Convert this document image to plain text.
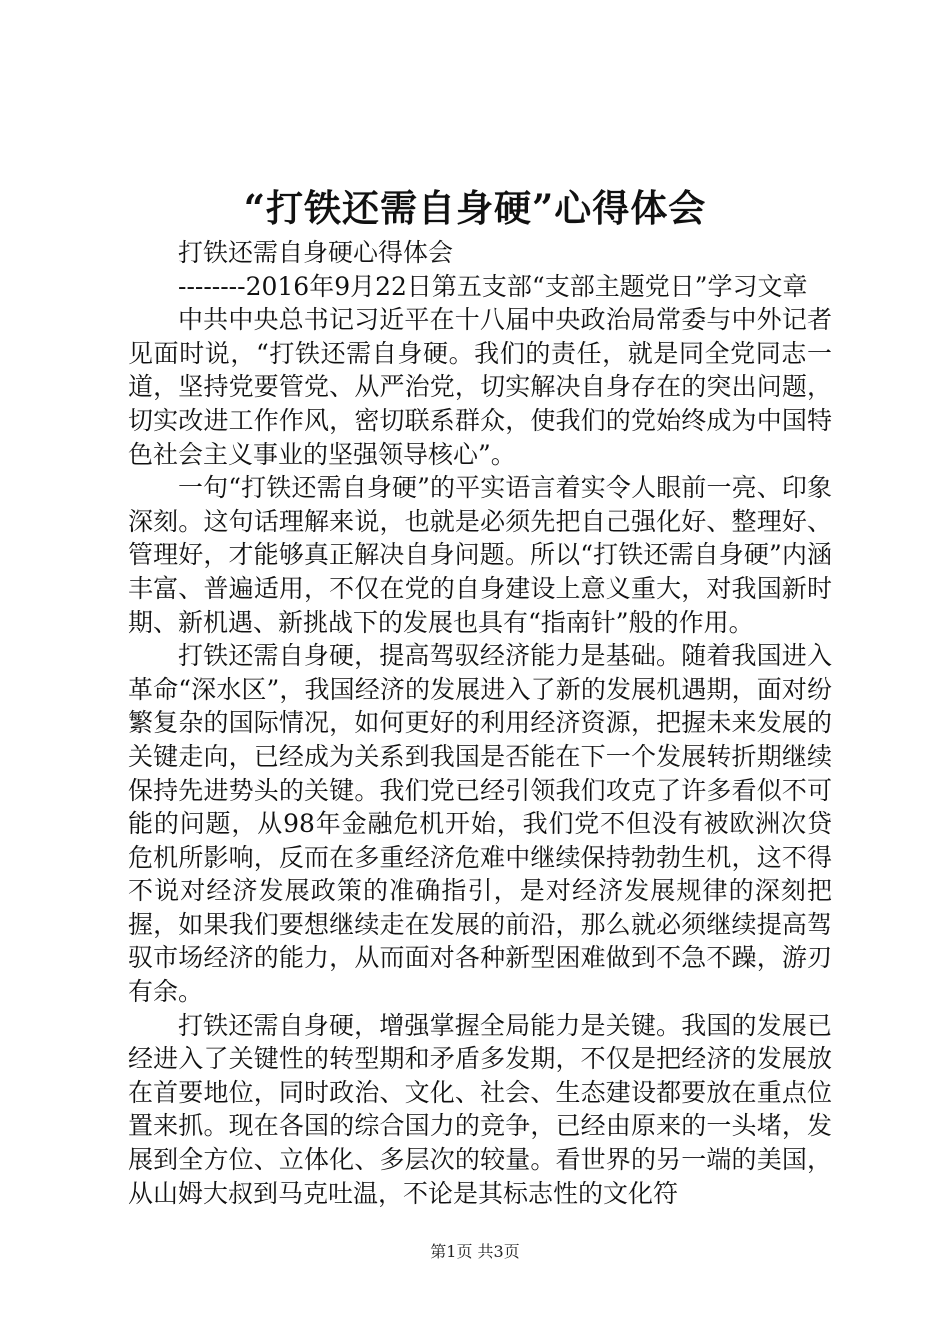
“打铁还需自身硬”心得体会

打铁还需自身硬心得体会

--------2016年9月22日第五支部“支部主题党日”学习文章

中共中央总书记习近平在十八届中央政治局常委与中外记者见面时说，“打铁还需自身硬。我们的责任，就是同全党同志一道，坚持党要管党、从严治党，切实解决自身存在的突出问题，切实改进工作作风，密切联系群众，使我们的党始终成为中国特色社会主义事业的坚强领导核心”。

一句“打铁还需自身硬”的平实语言着实令人眼前一亮、印象深刻。这句话理解来说，也就是必须先把自己强化好、整理好、管理好，才能够真正解决自身问题。所以“打铁还需自身硬”内涵丰富、普遍适用，不仅在党的自身建设上意义重大，对我国新时期、新机遇、新挑战下的发展也具有“指南针”般的作用。

打铁还需自身硬，提高驾驭经济能力是基础。随着我国进入革命“深水区”，我国经济的发展进入了新的发展机遇期，面对纷繁复杂的国际情况，如何更好的利用经济资源，把握未来发展的关键走向，已经成为关系到我国是否能在下一个发展转折期继续保持先进势头的关键。我们党已经引领我们攻克了许多看似不可能的问题，从98年金融危机开始，我们党不但没有被欧洲次贷危机所影响，反而在多重经济危难中继续保持勃勃生机，这不得不说对经济发展政策的准确指引，是对经济发展规律的深刻把握，如果我们要想继续走在发展的前沿，那么就必须继续提高驾驭市场经济的能力，从而面对各种新型困难做到不急不躁，游刃有余。

打铁还需自身硬，增强掌握全局能力是关键。我国的发展已经进入了关键性的转型期和矛盾多发期，不仅是把经济的发展放在首要地位，同时政治、文化、社会、生态建设都要放在重点位置来抓。现在各国的综合国力的竞争，已经由原来的一头堵，发展到全方位、立体化、多层次的较量。看世界的另一端的美国，从山姆大叔到马克吐温，不论是其标志性的文化符

第1页 共3页
